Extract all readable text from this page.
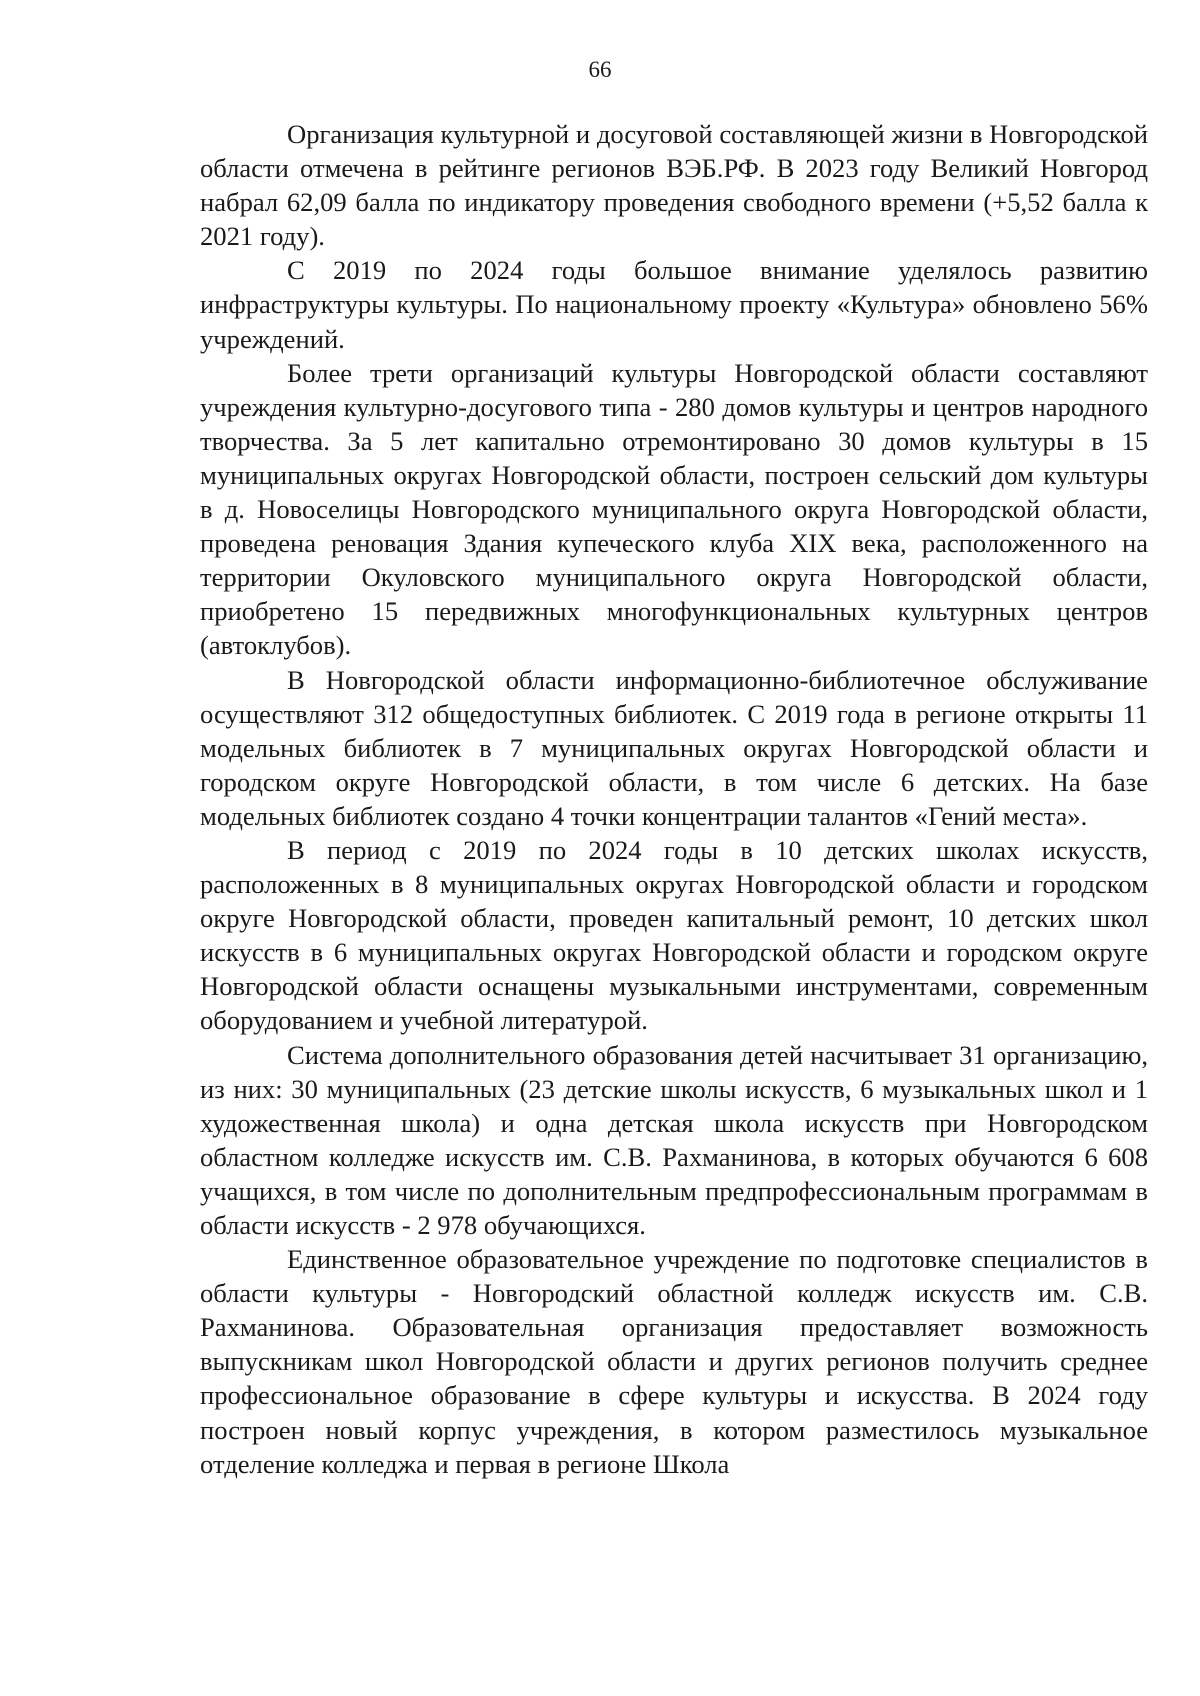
66

Организация культурной и досуговой составляющей жизни в Новгородской области отмечена в рейтинге регионов ВЭБ.РФ. В 2023 году Великий Новгород набрал 62,09 балла по индикатору проведения свободного времени (+5,52 балла к 2021 году).

С 2019 по 2024 годы большое внимание уделялось развитию инфраструктуры культуры. По национальному проекту «Культура» обновлено 56% учреждений.

Более трети организаций культуры Новгородской области составляют учреждения культурно-досугового типа - 280 домов культуры и центров народного творчества. За 5 лет капитально отремонтировано 30 домов культуры в 15 муниципальных округах Новгородской области, построен сельский дом культуры в д. Новоселицы Новгородского муниципального округа Новгородской области, проведена реновация Здания купеческого клуба XIX века, расположенного на территории Окуловского муниципального округа Новгородской области, приобретено 15 передвижных многофункциональных культурных центров (автоклубов).

В Новгородской области информационно-библиотечное обслуживание осуществляют 312 общедоступных библиотек. С 2019 года в регионе открыты 11 модельных библиотек в 7 муниципальных округах Новгородской области и городском округе Новгородской области, в том числе 6 детских. На базе модельных библиотек создано 4 точки концентрации талантов «Гений места».

В период с 2019 по 2024 годы в 10 детских школах искусств, расположенных в 8 муниципальных округах Новгородской области и городском округе Новгородской области, проведен капитальный ремонт, 10 детских школ искусств в 6 муниципальных округах Новгородской области и городском округе Новгородской области оснащены музыкальными инструментами, современным оборудованием и учебной литературой.

Система дополнительного образования детей насчитывает 31 организацию, из них: 30 муниципальных (23 детские школы искусств, 6 музыкальных школ и 1 художественная школа) и одна детская школа искусств при Новгородском областном колледже искусств им. С.В. Рахманинова, в которых обучаются 6 608 учащихся, в том числе по дополнительным предпрофессиональным программам в области искусств - 2 978 обучающихся.

Единственное образовательное учреждение по подготовке специалистов в области культуры - Новгородский областной колледж искусств им. С.В. Рахманинова. Образовательная организация предоставляет возможность выпускникам школ Новгородской области и других регионов получить среднее профессиональное образование в сфере культуры и искусства. В 2024 году построен новый корпус учреждения, в котором разместилось музыкальное отделение колледжа и первая в регионе Школа
